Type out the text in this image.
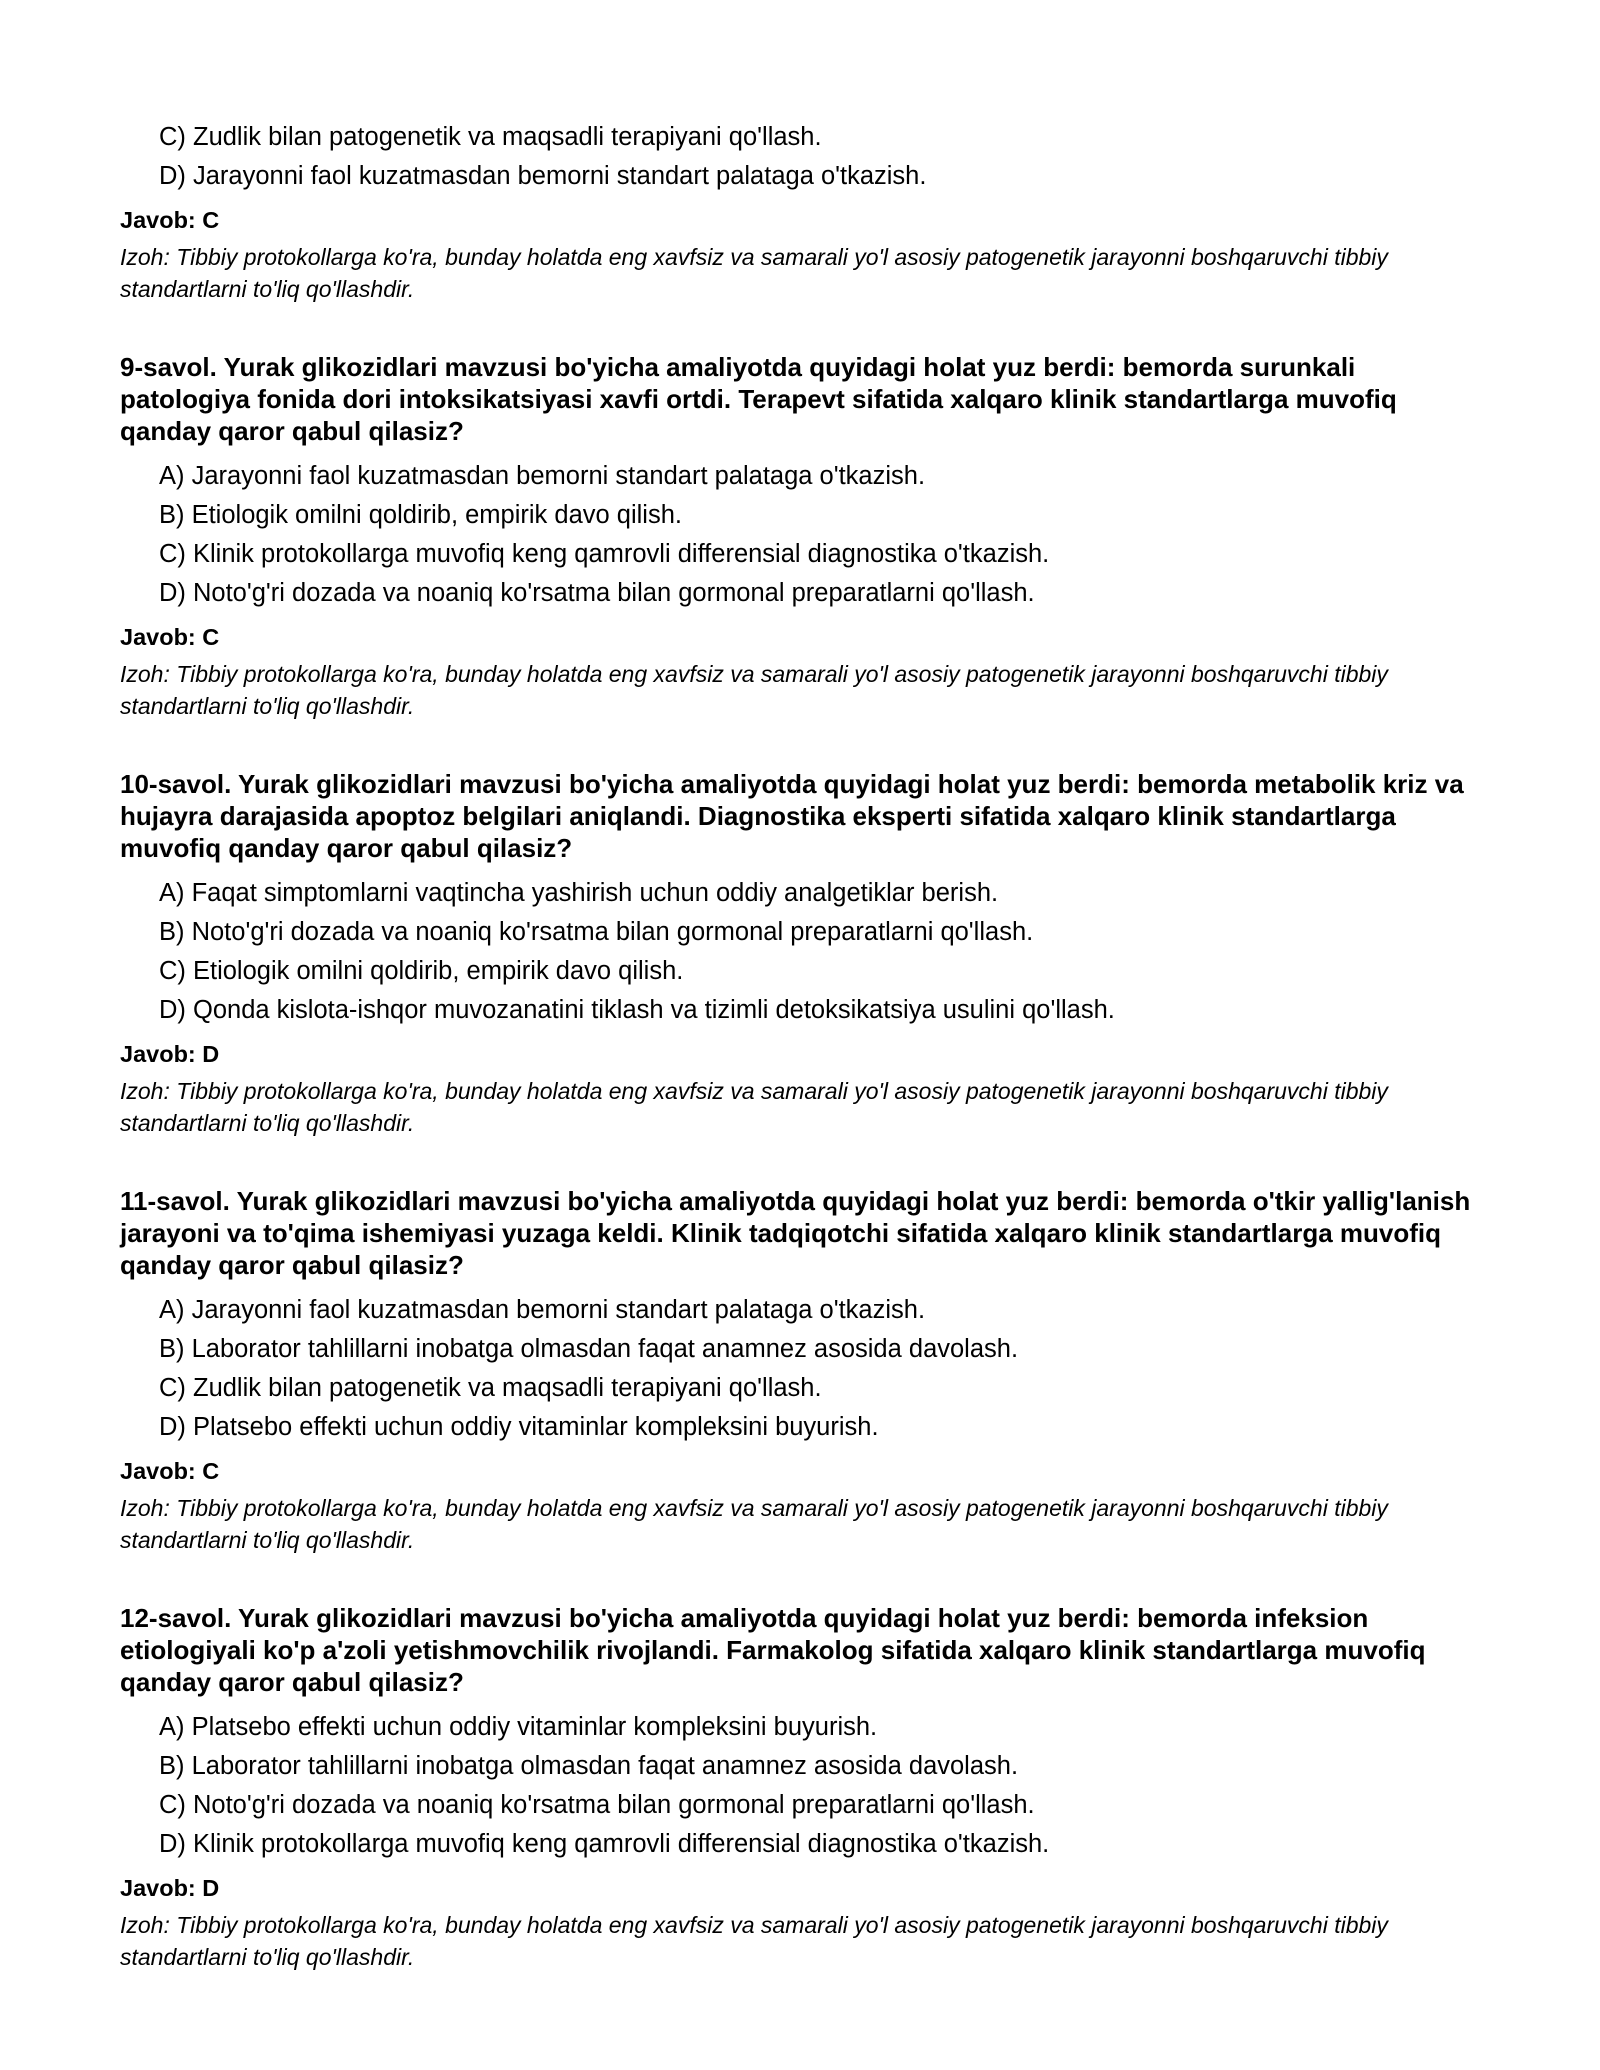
C) Zudlik bilan patogenetik va maqsadli terapiyani qo'llash.
D) Jarayonni faol kuzatmasdan bemorni standart palataga o'tkazish.
Javob: C
Izoh: Tibbiy protokollarga ko'ra, bunday holatda eng xavfsiz va samarali yo'l asosiy patogenetik jarayonni boshqaruvchi tibbiy standartlarni to'liq qo'llashdir.
9-savol. Yurak glikozidlari mavzusi bo'yicha amaliyotda quyidagi holat yuz berdi: bemorda surunkali patologiya fonida dori intoksikatsiyasi xavfi ortdi. Terapevt sifatida xalqaro klinik standartlarga muvofiq qanday qaror qabul qilasiz?
A) Jarayonni faol kuzatmasdan bemorni standart palataga o'tkazish.
B) Etiologik omilni qoldirib, empirik davo qilish.
C) Klinik protokollarga muvofiq keng qamrovli differensial diagnostika o'tkazish.
D) Noto'g'ri dozada va noaniq ko'rsatma bilan gormonal preparatlarni qo'llash.
Javob: C
Izoh: Tibbiy protokollarga ko'ra, bunday holatda eng xavfsiz va samarali yo'l asosiy patogenetik jarayonni boshqaruvchi tibbiy standartlarni to'liq qo'llashdir.
10-savol. Yurak glikozidlari mavzusi bo'yicha amaliyotda quyidagi holat yuz berdi: bemorda metabolik kriz va hujayra darajasida apoptoz belgilari aniqlandi. Diagnostika eksperti sifatida xalqaro klinik standartlarga muvofiq qanday qaror qabul qilasiz?
A) Faqat simptomlarni vaqtincha yashirish uchun oddiy analgetiklar berish.
B) Noto'g'ri dozada va noaniq ko'rsatma bilan gormonal preparatlarni qo'llash.
C) Etiologik omilni qoldirib, empirik davo qilish.
D) Qonda kislota-ishqor muvozanatini tiklash va tizimli detoksikatsiya usulini qo'llash.
Javob: D
Izoh: Tibbiy protokollarga ko'ra, bunday holatda eng xavfsiz va samarali yo'l asosiy patogenetik jarayonni boshqaruvchi tibbiy standartlarni to'liq qo'llashdir.
11-savol. Yurak glikozidlari mavzusi bo'yicha amaliyotda quyidagi holat yuz berdi: bemorda o'tkir yallig'lanish jarayoni va to'qima ishemiyasi yuzaga keldi. Klinik tadqiqotchi sifatida xalqaro klinik standartlarga muvofiq qanday qaror qabul qilasiz?
A) Jarayonni faol kuzatmasdan bemorni standart palataga o'tkazish.
B) Laborator tahlillarni inobatga olmasdan faqat anamnez asosida davolash.
C) Zudlik bilan patogenetik va maqsadli terapiyani qo'llash.
D) Platsebo effekti uchun oddiy vitaminlar kompleksini buyurish.
Javob: C
Izoh: Tibbiy protokollarga ko'ra, bunday holatda eng xavfsiz va samarali yo'l asosiy patogenetik jarayonni boshqaruvchi tibbiy standartlarni to'liq qo'llashdir.
12-savol. Yurak glikozidlari mavzusi bo'yicha amaliyotda quyidagi holat yuz berdi: bemorda infeksion etiologiyali ko'p a'zoli yetishmovchilik rivojlandi. Farmakolog sifatida xalqaro klinik standartlarga muvofiq qanday qaror qabul qilasiz?
A) Platsebo effekti uchun oddiy vitaminlar kompleksini buyurish.
B) Laborator tahlillarni inobatga olmasdan faqat anamnez asosida davolash.
C) Noto'g'ri dozada va noaniq ko'rsatma bilan gormonal preparatlarni qo'llash.
D) Klinik protokollarga muvofiq keng qamrovli differensial diagnostika o'tkazish.
Javob: D
Izoh: Tibbiy protokollarga ko'ra, bunday holatda eng xavfsiz va samarali yo'l asosiy patogenetik jarayonni boshqaruvchi tibbiy standartlarni to'liq qo'llashdir.
